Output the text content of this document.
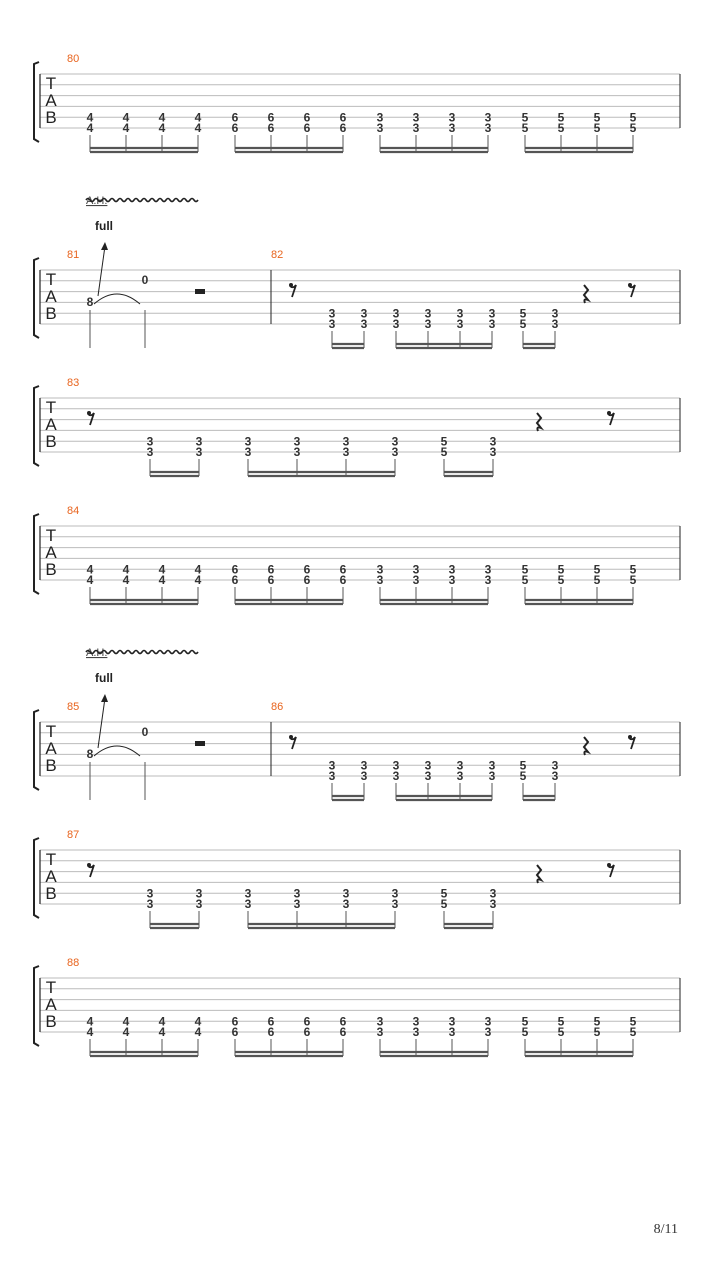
T
A
B
80
4
4
4
4
4
4
4
4
6
6
6
6
6
6
6
6
3
3
3
3
3
3
3
3
5
5
5
5
5
5
5
5
T
A
B
81	82
A.H.
full
8
0
3
3
3
3
3
3
3
3
3
3
3
3
5
5
3
3
T
A
B
83
3
3
3
3
3
3
3
3
3
3
3
3
5
5
3
3
T
A
B
84
4
4
4
4
4
4
4
4
6
6
6
6
6
6
6
6
3
3
3
3
3
3
3
3
5
5
5
5
5
5
5
5
T
A
B
85	86
A.H.
full
8
0
3
3
3
3
3
3
3
3
3
3
3
3
5
5
3
3
T
A
B
87
3
3
3
3
3
3
3
3
3
3
3
3
5
5
3
3
T
A
B
88
4
4
4
4
4
4
4
4
6
6
6
6
6
6
6
6
3
3
3
3
3
3
3
3
5
5
5
5
5
5
5
5
8/11
